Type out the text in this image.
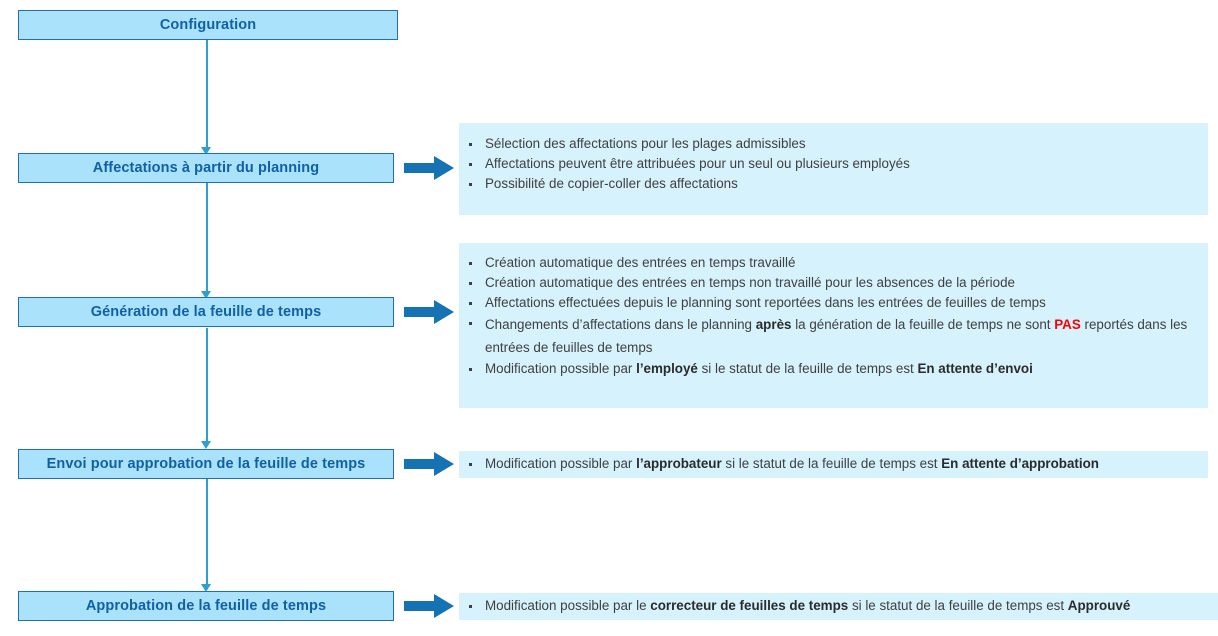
Configuration
Affectations à partir du planning
Sélection des affectations pour les plages admissibles
Affectations peuvent être attribuées pour un seul ou plusieurs employés
Possibilité de copier-coller des affectations
Génération de la feuille de temps
Création automatique des entrées en temps travaillé
Création automatique des entrées en temps non travaillé pour les absences de la période
Affectations effectuées depuis le planning sont reportées dans les entrées de feuilles de temps
Changements d’affectations dans le planning après la génération de la feuille de temps ne sont PAS reportés dans les entrées de feuilles de temps
Modification possible par l’employé si le statut de la feuille de temps est En attente d’envoi
Envoi pour approbation de la feuille de temps	Modification possible par l’approbateur si le statut de la feuille de temps est En attente d’approbation
Approbation de la feuille de temps	Modification possible par le correcteur de feuilles de temps si le statut de la feuille de temps est Approuvé
